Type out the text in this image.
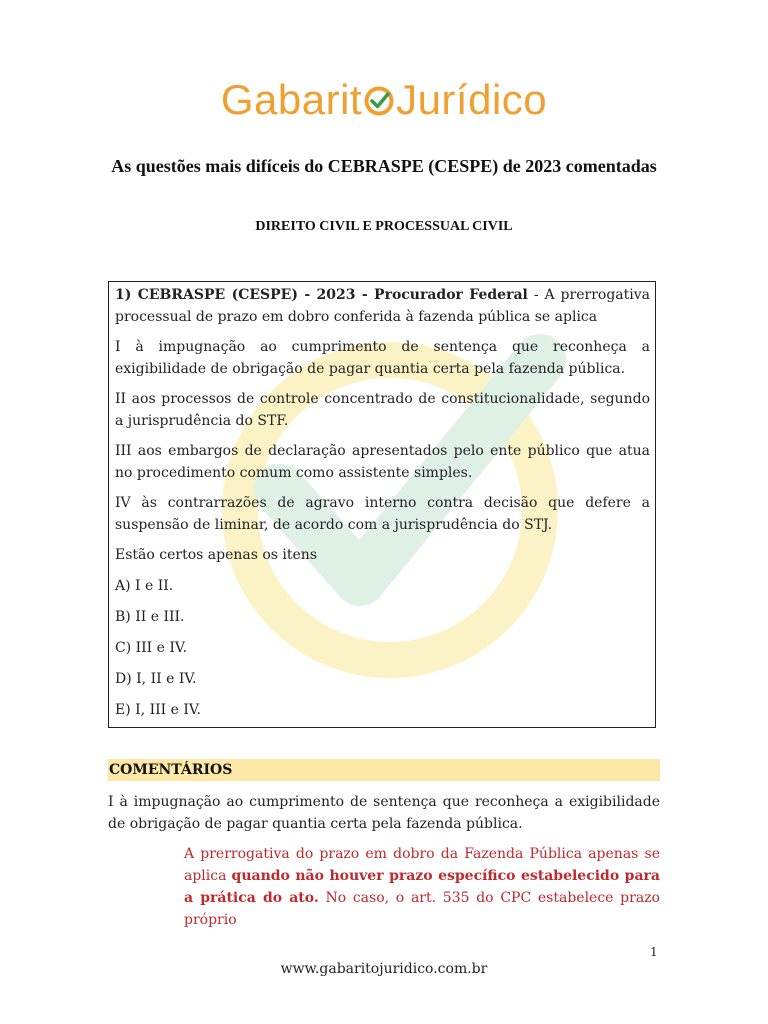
Gabarit Jurídico
As questões mais difíceis do CEBRASPE (CESPE) de 2023 comentadas
DIREITO CIVIL E PROCESSUAL CIVIL

1) CEBRASPE (CESPE) - 2023 - Procurador Federal - A prerrogativa processual de prazo em dobro conferida à fazenda pública se aplica

I à impugnação ao cumprimento de sentença que reconheça a exigibilidade de obrigação de pagar quantia certa pela fazenda pública.

II aos processos de controle concentrado de constitucionalidade, segundo a jurisprudência do STF.

III aos embargos de declaração apresentados pelo ente público que atua no procedimento comum como assistente simples.

IV às contrarrazões de agravo interno contra decisão que defere a suspensão de liminar, de acordo com a jurisprudência do STJ.

Estão certos apenas os itens

A) I e II.

B) II e III.

C) III e IV.

D) I, II e IV.

E) I, III e IV.

COMENTÁRIOS

I à impugnação ao cumprimento de sentença que reconheça a exigibilidade de obrigação de pagar quantia certa pela fazenda pública.

A prerrogativa do prazo em dobro da Fazenda Pública apenas se aplica quando não houver prazo específico estabelecido para a prática do ato. No caso, o art. 535 do CPC estabelece prazo próprio

1
www.gabaritojuridico.com.br
